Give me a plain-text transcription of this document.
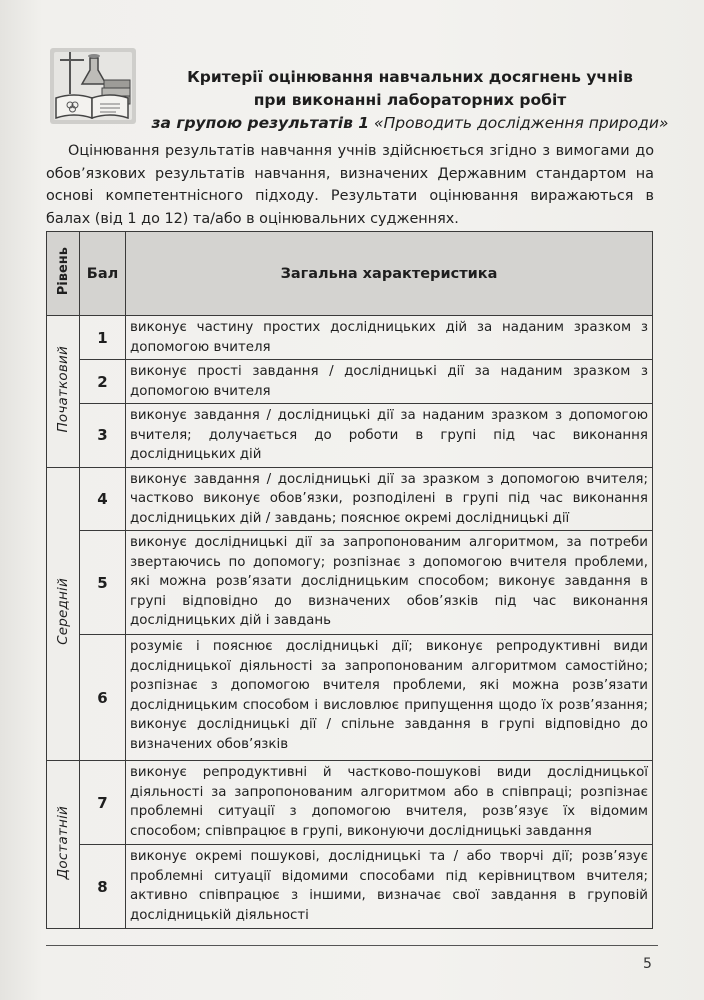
Критерії оцінювання навчальних досягнень учнів
при виконанні лабораторних робіт
за групою результатів 1 «Проводить дослідження природи»
Оцінювання результатів навчання учнів здійснюється згідно з вимогами до обов’язкових результатів навчання, визначених Державним стандартом на основі компетентнісного підходу. Результати оцінювання виражаються в балах (від 1 до 12) та/або в оцінювальних судженнях.
Рівень	Бал	Загальна характеристика
Початковий	1	виконує частину простих дослідницьких дій за наданим зразком з допомогою вчителя
	2	виконує прості завдання / дослідницькі дії за наданим зразком з допомогою вчителя
	3	виконує завдання / дослідницькі дії за наданим зразком з допомогою вчителя; долучається до роботи в групі під час виконання дослідницьких дій
Середній	4	виконує завдання / дослідницькі дії за зразком з допомогою вчителя; частково виконує обов’язки, розподілені в групі під час виконання дослідницьких дій / завдань; пояснює окремі дослідницькі дії
	5	виконує дослідницькі дії за запропонованим алгоритмом, за потреби звертаючись по допомогу; розпізнає з допомогою вчителя проблеми, які можна розв’язати дослідницьким способом; виконує завдання в групі відповідно до визначених обов’язків під час виконання дослідницьких дій і завдань
	6	розуміє і пояснює дослідницькі дії; виконує репродуктивні види дослідницької діяльності за запропонованим алгоритмом самостійно; розпізнає з допомогою вчителя проблеми, які можна розв’язати дослідницьким способом і висловлює припущення щодо їх розв’язання; виконує дослідницькі дії / спільне завдання в групі відповідно до визначених обов’язків
Достатній	7	виконує репродуктивні й частково-пошукові види дослідницької діяльності за запропонованим алгоритмом або в співпраці; розпізнає проблемні ситуації з допомогою вчителя, розв’язує їх відомим способом; співпрацює в групі, виконуючи дослідницькі завдання
	8	виконує окремі пошукові, дослідницькі та / або творчі дії; розв’язує проблемні ситуації відомими способами під керівництвом вчителя; активно співпрацює з іншими, визначає свої завдання в груповій дослідницькій діяльності
5
